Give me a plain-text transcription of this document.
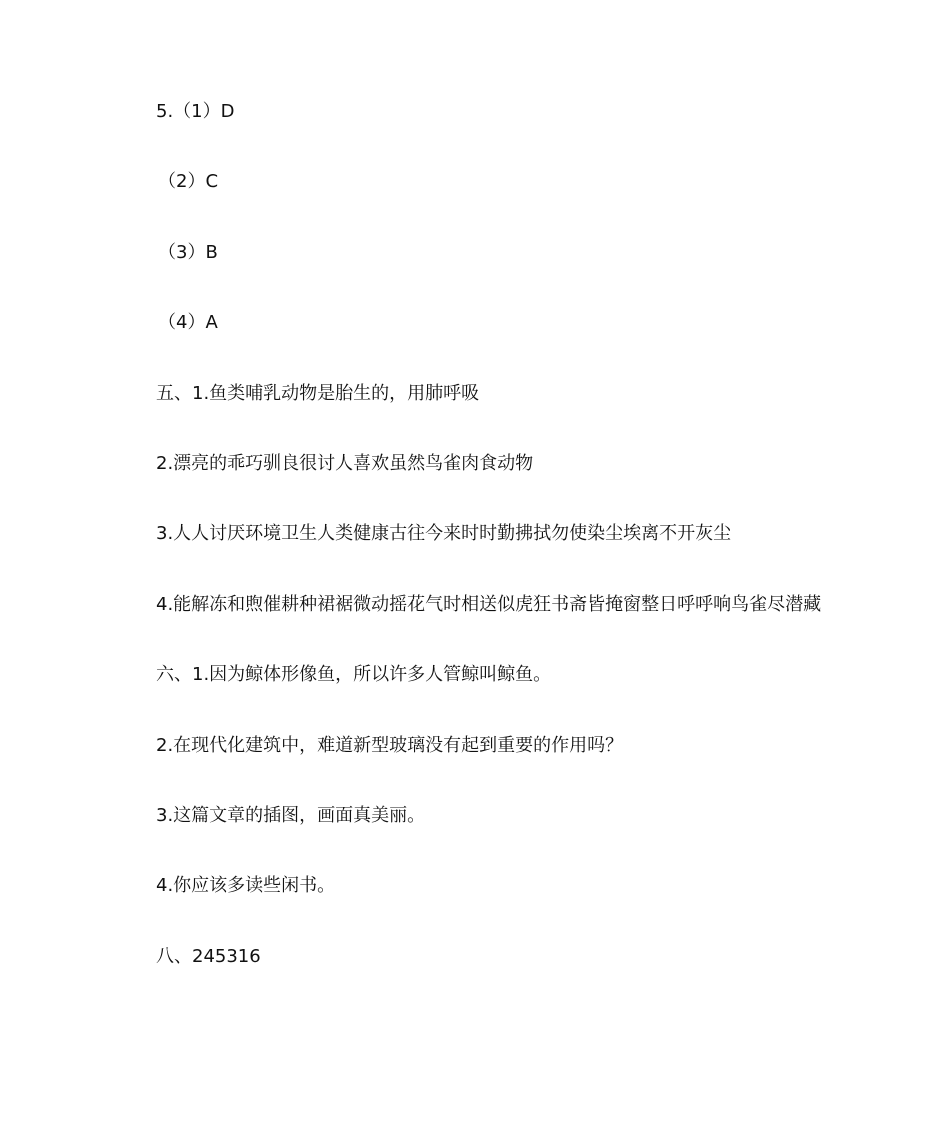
5.（1）D
（2）C
（3）B
（4）A
五、1.鱼类哺乳动物是胎生的，用肺呼吸
2.漂亮的乖巧驯良很讨人喜欢虽然鸟雀肉食动物
3.人人讨厌环境卫生人类健康古往今来时时勤拂拭勿使染尘埃离不开灰尘
4.能解冻和煦催耕种裙裾微动摇花气时相送似虎狂书斋皆掩窗整日呼呼响鸟雀尽潜藏
六、1.因为鲸体形像鱼，所以许多人管鲸叫鲸鱼。
2.在现代化建筑中，难道新型玻璃没有起到重要的作用吗？
3.这篇文章的插图，画面真美丽。
4.你应该多读些闲书。
八、245316
